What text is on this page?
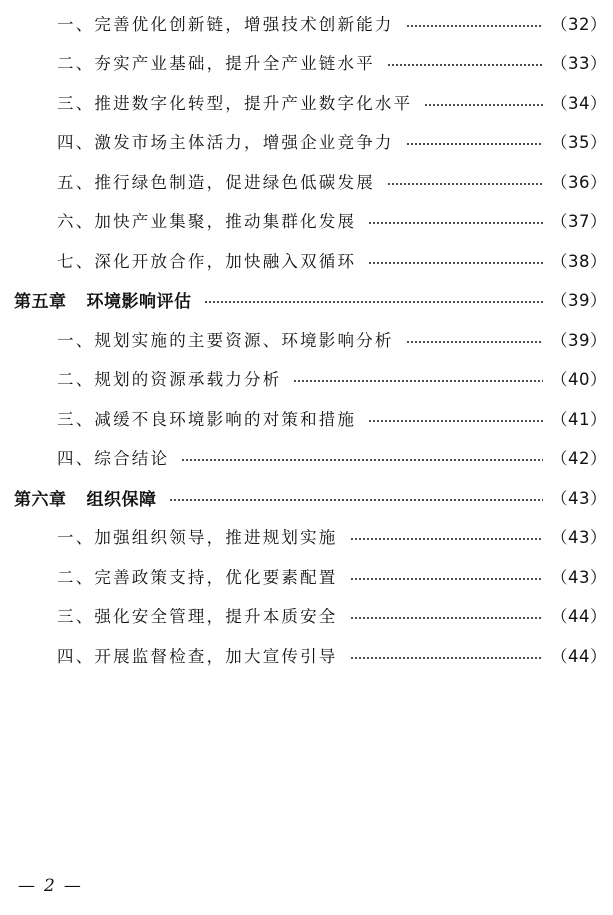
一、完善优化创新链，增强技术创新能力	（32）
二、夯实产业基础，提升全产业链水平	（33）
三、推进数字化转型，提升产业数字化水平	（34）
四、激发市场主体活力，增强企业竞争力	（35）
五、推行绿色制造，促进绿色低碳发展	（36）
六、加快产业集聚，推动集群化发展	（37）
七、深化开放合作，加快融入双循环	（38）
第五章 环境影响评估	（39）
一、规划实施的主要资源、环境影响分析	（39）
二、规划的资源承载力分析	（40）
三、减缓不良环境影响的对策和措施	（41）
四、综合结论	（42）
第六章 组织保障	（43）
一、加强组织领导，推进规划实施	（43）
二、完善政策支持，优化要素配置	（43）
三、强化安全管理，提升本质安全	（44）
四、开展监督检查，加大宣传引导	（44）
— 2 —
